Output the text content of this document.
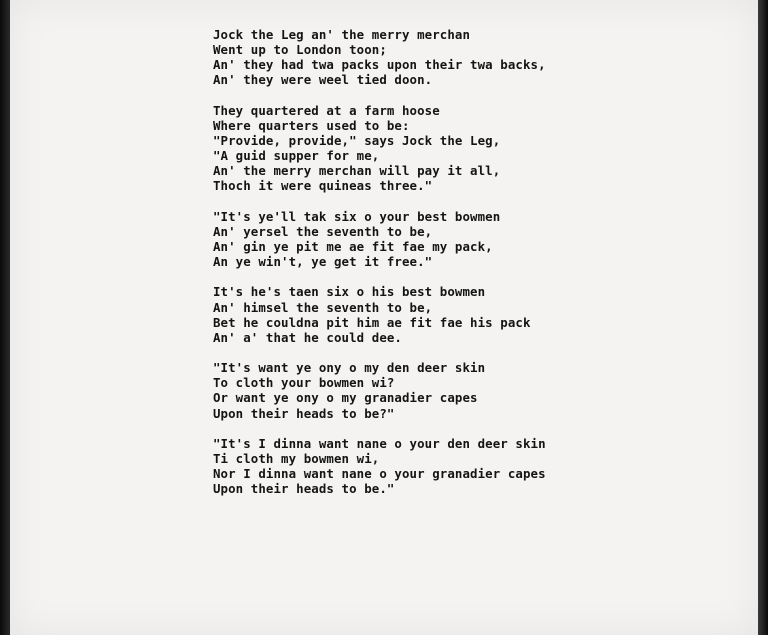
Jock the Leg an' the merry merchan
Went up to London toon;
An' they had twa packs upon their twa backs,
An' they were weel tied doon.
They quartered at a farm hoose
Where quarters used to be:
"Provide, provide," says Jock the Leg,
"A guid supper for me,
An' the merry merchan will pay it all,
Thoch it were quineas three."
"It's ye'll tak six o your best bowmen
An' yersel the seventh to be,
An' gin ye pit me ae fit fae my pack,
An ye win't, ye get it free."
It's he's taen six o his best bowmen
An' himsel the seventh to be,
Bet he couldna pit him ae fit fae his pack
An' a' that he could dee.
"It's want ye ony o my den deer skin
To cloth your bowmen wi?
Or want ye ony o my granadier capes
Upon their heads to be?"
"It's I dinna want nane o your den deer skin
Ti cloth my bowmen wi,
Nor I dinna want nane o your granadier capes
Upon their heads to be."
